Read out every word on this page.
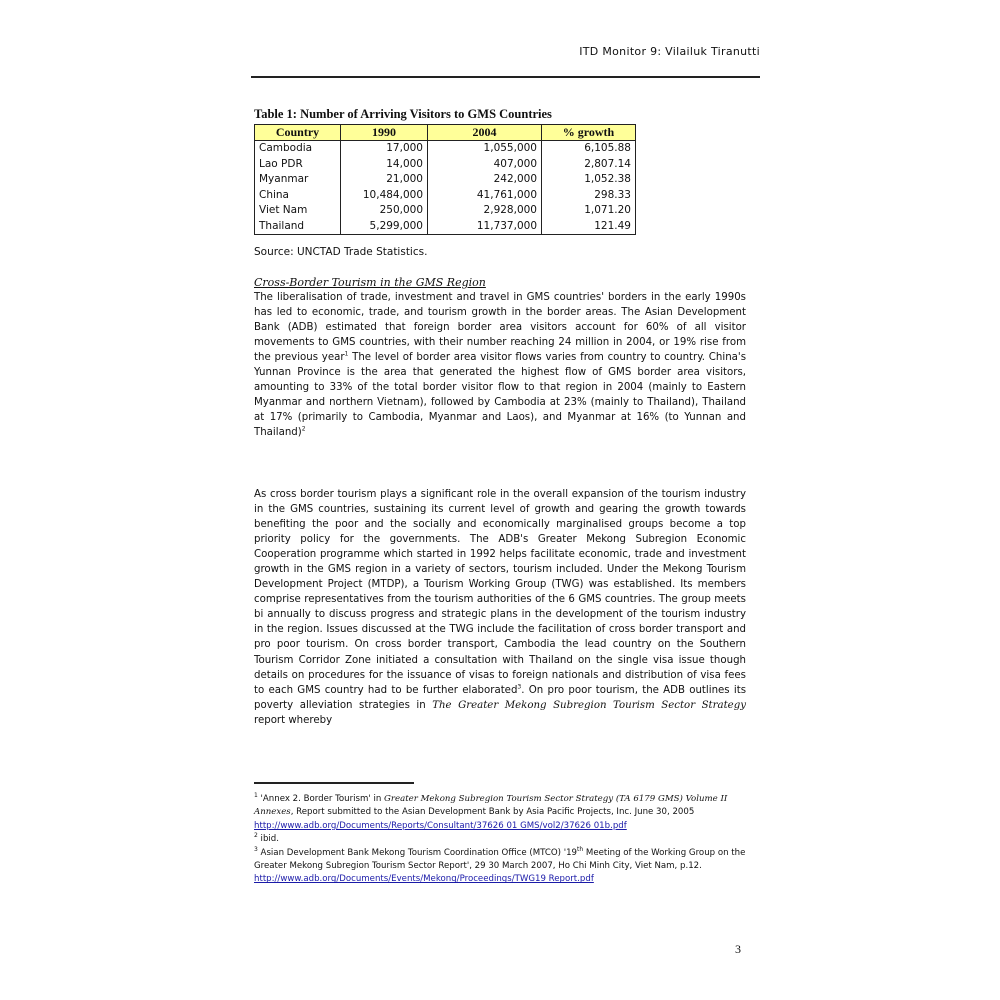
ITD Monitor 9: Vilailuk Tiranutti
Table 1: Number of Arriving Visitors to GMS Countries
Country	1990	2004	% growth
Cambodia	17,000	1,055,000	6,105.88
Lao PDR	14,000	407,000	2,807.14
Myanmar	21,000	242,000	1,052.38
China	10,484,000	41,761,000	298.33
Viet Nam	250,000	2,928,000	1,071.20
Thailand	5,299,000	11,737,000	121.49
Source: UNCTAD Trade Statistics.
Cross-Border Tourism in the GMS Region
The liberalisation of trade, investment and travel in GMS countries' borders in the early 1990s has led to economic, trade, and tourism growth in the border areas. The Asian Development Bank (ADB) estimated that foreign border area visitors account for 60% of all visitor movements to GMS countries, with their number reaching 24 million in 2004, or 19% rise from the previous year$^1$ The level of border area visitor flows varies from country to country. China's Yunnan Province is the area that generated the highest flow of GMS border area visitors, amounting to 33% of the total border visitor flow to that region in 2004 (mainly to Eastern Myanmar and northern Vietnam), followed by Cambodia at 23% (mainly to Thailand), Thailand at 17% (primarily to Cambodia, Myanmar and Laos), and Myanmar at 16% (to Yunnan and Thailand)$^2$
As cross border tourism plays a significant role in the overall expansion of the tourism industry in the GMS countries, sustaining its current level of growth and gearing the growth towards benefiting the poor and the socially and economically marginalised groups become a top priority policy for the governments. The ADB's Greater Mekong Subregion Economic Cooperation programme which started in 1992 helps facilitate economic, trade and investment growth in the GMS region in a variety of sectors, tourism included. Under the Mekong Tourism Development Project (MTDP), a Tourism Working Group (TWG) was established. Its members comprise representatives from the tourism authorities of the 6 GMS countries. The group meets bi annually to discuss progress and strategic plans in the development of the tourism industry in the region. Issues discussed at the TWG include the facilitation of cross border transport and pro poor tourism. On cross border transport, Cambodia the lead country on the Southern Tourism Corridor Zone initiated a consultation with Thailand on the single visa issue though details on procedures for the issuance of visas to foreign nationals and distribution of visa fees to each GMS country had to be further elaborated$^3$. On pro poor tourism, the ADB outlines its poverty alleviation strategies in The Greater Mekong Subregion Tourism Sector Strategy report whereby
$^1$ 'Annex 2. Border Tourism' in Greater Mekong Subregion Tourism Sector Strategy (TA 6179 GMS) Volume II Annexes, Report submitted to the Asian Development Bank by Asia Pacific Projects, Inc. June 30, 2005
http://www.adb.org/Documents/Reports/Consultant/37626 01 GMS/vol2/37626 01b.pdf
$^2$ ibid.
$^3$ Asian Development Bank Mekong Tourism Coordination Office (MTCO) '19th Meeting of the Working Group on the Greater Mekong Subregion Tourism Sector Report', 29 30 March 2007, Ho Chi Minh City, Viet Nam, p.12.
http://www.adb.org/Documents/Events/Mekong/Proceedings/TWG19 Report.pdf
3
